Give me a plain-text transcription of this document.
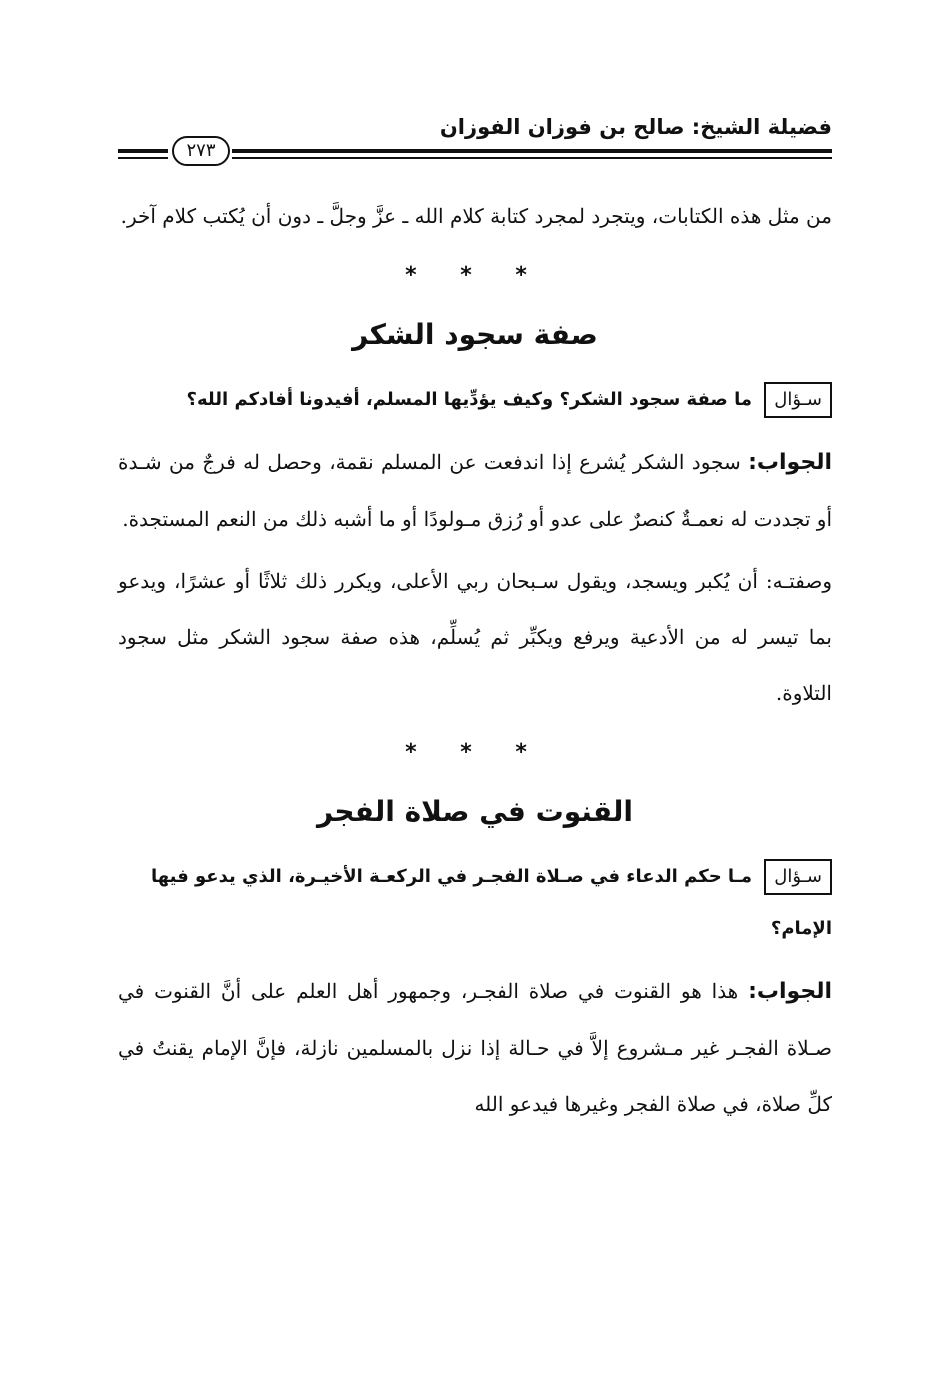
فضيلة الشيخ: صالح بن فوزان الفوزان
٢٧٣

من مثل هذه الكتابات، ويتجرد لمجرد كتابة كلام الله ـ عزَّ وجلَّ ـ دون أن يُكتب كلام آخر.

* * *
صفة سجود الشكر
سـؤال ما صفة سجود الشكر؟ وكيف يؤدِّيها المسلم، أفيدونا أفادكم الله؟

الجواب: سجود الشكر يُشرع إذا اندفعت عن المسلم نقمة، وحصل له فرجٌ من شـدة أو تجددت له نعمـةٌ كنصرٌ على عدو أو رُزق مـولودًا أو ما أشبه ذلك من النعم المستجدة.

وصفتـه: أن يُكبر ويسجد، ويقول سـبحان ربي الأعلى، ويكرر ذلك ثلاثًا أو عشرًا، ويدعو بما تيسر له من الأدعية ويرفع ويكبِّر ثم يُسلِّم، هذه صفة سجود الشكر مثل سجود التلاوة.

* * *
القنوت في صلاة الفجر
سـؤال مـا حكم الدعاء في صـلاة الفجـر في الركعـة الأخيـرة، الذي يدعو فيها الإمام؟

الجواب: هذا هو القنوت في صلاة الفجـر، وجمهور أهل العلم على أنَّ القنوت في صـلاة الفجـر غير مـشروع إلاَّ في حـالة إذا نزل بالمسلمين نازلة، فإنَّ الإمام يقنتُ في كلِّ صلاة، في صلاة الفجر وغيرها فيدعو الله
